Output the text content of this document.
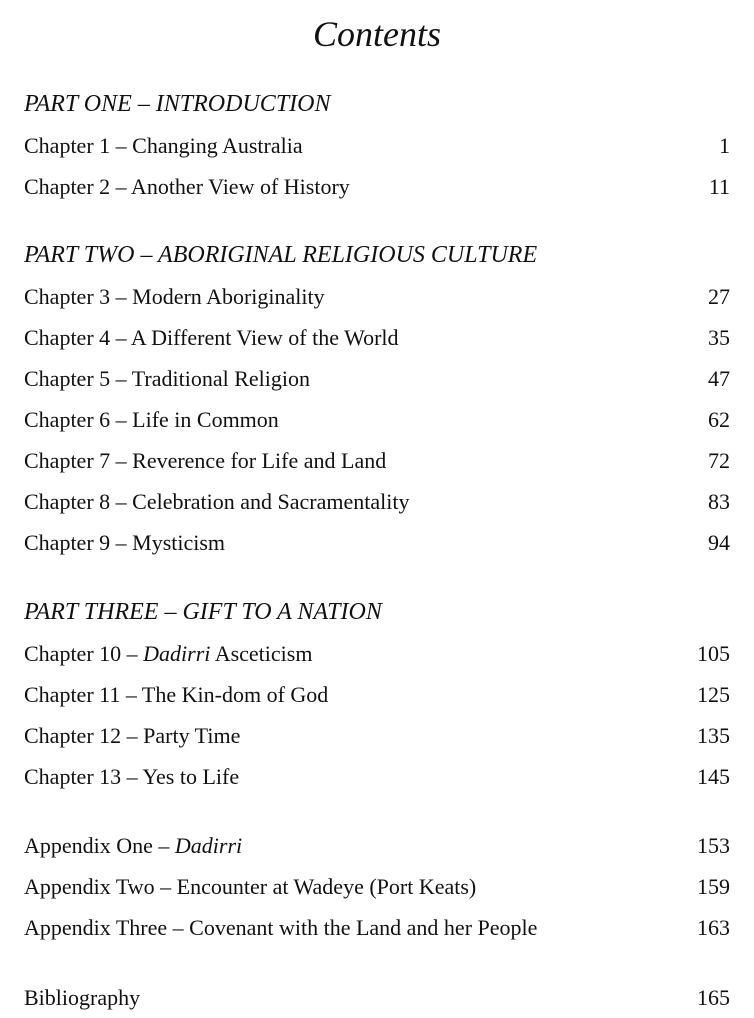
Contents
PART ONE – INTRODUCTION
Chapter 1 – Changing Australia	1
Chapter 2 – Another View of History	11
PART TWO – ABORIGINAL RELIGIOUS CULTURE
Chapter 3 – Modern Aboriginality	27
Chapter 4 – A Different View of the World	35
Chapter 5 – Traditional Religion	47
Chapter 6 – Life in Common	62
Chapter 7 – Reverence for Life and Land	72
Chapter 8 – Celebration and Sacramentality	83
Chapter 9 – Mysticism	94
PART THREE – GIFT TO A NATION
Chapter 10 – Dadirri Asceticism	105
Chapter 11 – The Kin-dom of God	125
Chapter 12 – Party Time	135
Chapter 13 – Yes to Life	145
Appendix One – Dadirri	153
Appendix Two – Encounter at Wadeye (Port Keats)	159
Appendix Three – Covenant with the Land and her People	163
Bibliography	165
